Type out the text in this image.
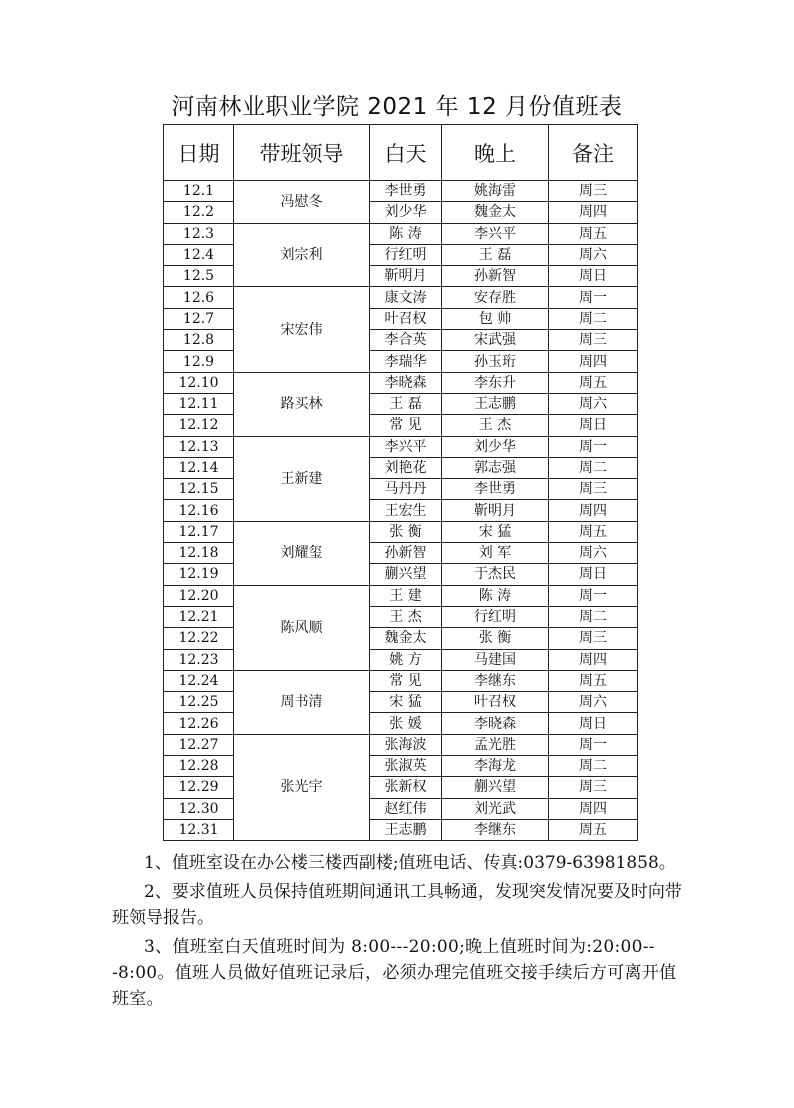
河南林业职业学院 2021 年 12 月份值班表
日期	带班领导	白天	晚上	备注
12.1	冯慰冬	李世勇	姚海雷	周三
12.2		刘少华	魏金太	周四
12.3	刘宗利	陈 涛	李兴平	周五
12.4		行红明	王 磊	周六
12.5		靳明月	孙新智	周日
12.6	宋宏伟	康文涛	安存胜	周一
12.7		叶召权	包 帅	周二
12.8		李合英	宋武强	周三
12.9		李瑞华	孙玉珩	周四
12.10	路买林	李晓森	李东升	周五
12.11		王 磊	王志鹏	周六
12.12		常 见	王 杰	周日
12.13	王新建	李兴平	刘少华	周一
12.14		刘艳花	郭志强	周二
12.15		马丹丹	李世勇	周三
12.16		王宏生	靳明月	周四
12.17	刘耀玺	张 衡	宋 猛	周五
12.18		孙新智	刘 军	周六
12.19		蒯兴望	于杰民	周日
12.20	陈风顺	王 建	陈 涛	周一
12.21		王 杰	行红明	周二
12.22		魏金太	张 衡	周三
12.23		姚 方	马建国	周四
12.24	周书清	常 见	李继东	周五
12.25		宋 猛	叶召权	周六
12.26		张 媛	李晓森	周日
12.27	张光宇	张海波	孟光胜	周一
12.28		张淑英	李海龙	周二
12.29		张新权	蒯兴望	周三
12.30		赵红伟	刘光武	周四
12.31		王志鹏	李继东	周五

1、值班室设在办公楼三楼西副楼;值班电话、传真:0379-63981858。

2、要求值班人员保持值班期间通讯工具畅通，发现突发情况要及时向带班领导报告。

3、值班室白天值班时间为 8:00---20:00;晚上值班时间为:20:00---8:00。值班人员做好值班记录后，必须办理完值班交接手续后方可离开值班室。
